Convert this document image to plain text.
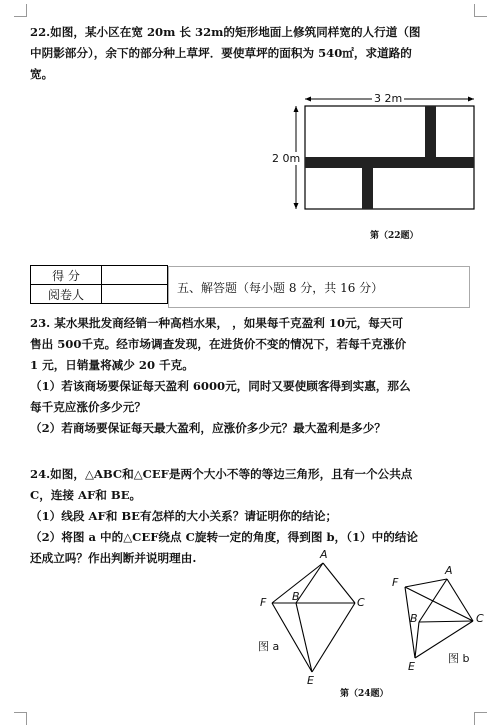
22.如图，某小区在宽 20m 长 32m的矩形地面上修筑同样宽的人行道（图
中阴影部分），余下的部分种上草坪．要使草坪的面积为 540㎡，求道路的
宽。
3 2m
2 0m
第（22题）
得 分	
阅卷人		五、解答题（每小题 8 分，共 16 分）
23. 某水果批发商经销一种高档水果， ，如果每千克盈利 10元，每天可
售出 500千克。经市场调查发现，在进货价不变的情况下，若每千克涨价
1 元，日销量将减少 20 千克。
（1）若该商场要保证每天盈利 6000元，同时又要使顾客得到实惠，那么
每千克应涨价多少元？
（2）若商场要保证每天最大盈利，应涨价多少元？最大盈利是多少？
24.如图，△ABC和△CEF是两个大小不等的等边三角形，且有一个公共点
C，连接 AF和 BE。
（1）线段 AF和 BE有怎样的大小关系？请证明你的结论；
（2）将图 a 中的△CEF绕点 C旋转一定的角度，得到图 b，（1）中的结论
还成立吗？作出判断并说明理由.	A
F B	C
E
图 a
A
F
B	C
E
图 b
第（24题）
